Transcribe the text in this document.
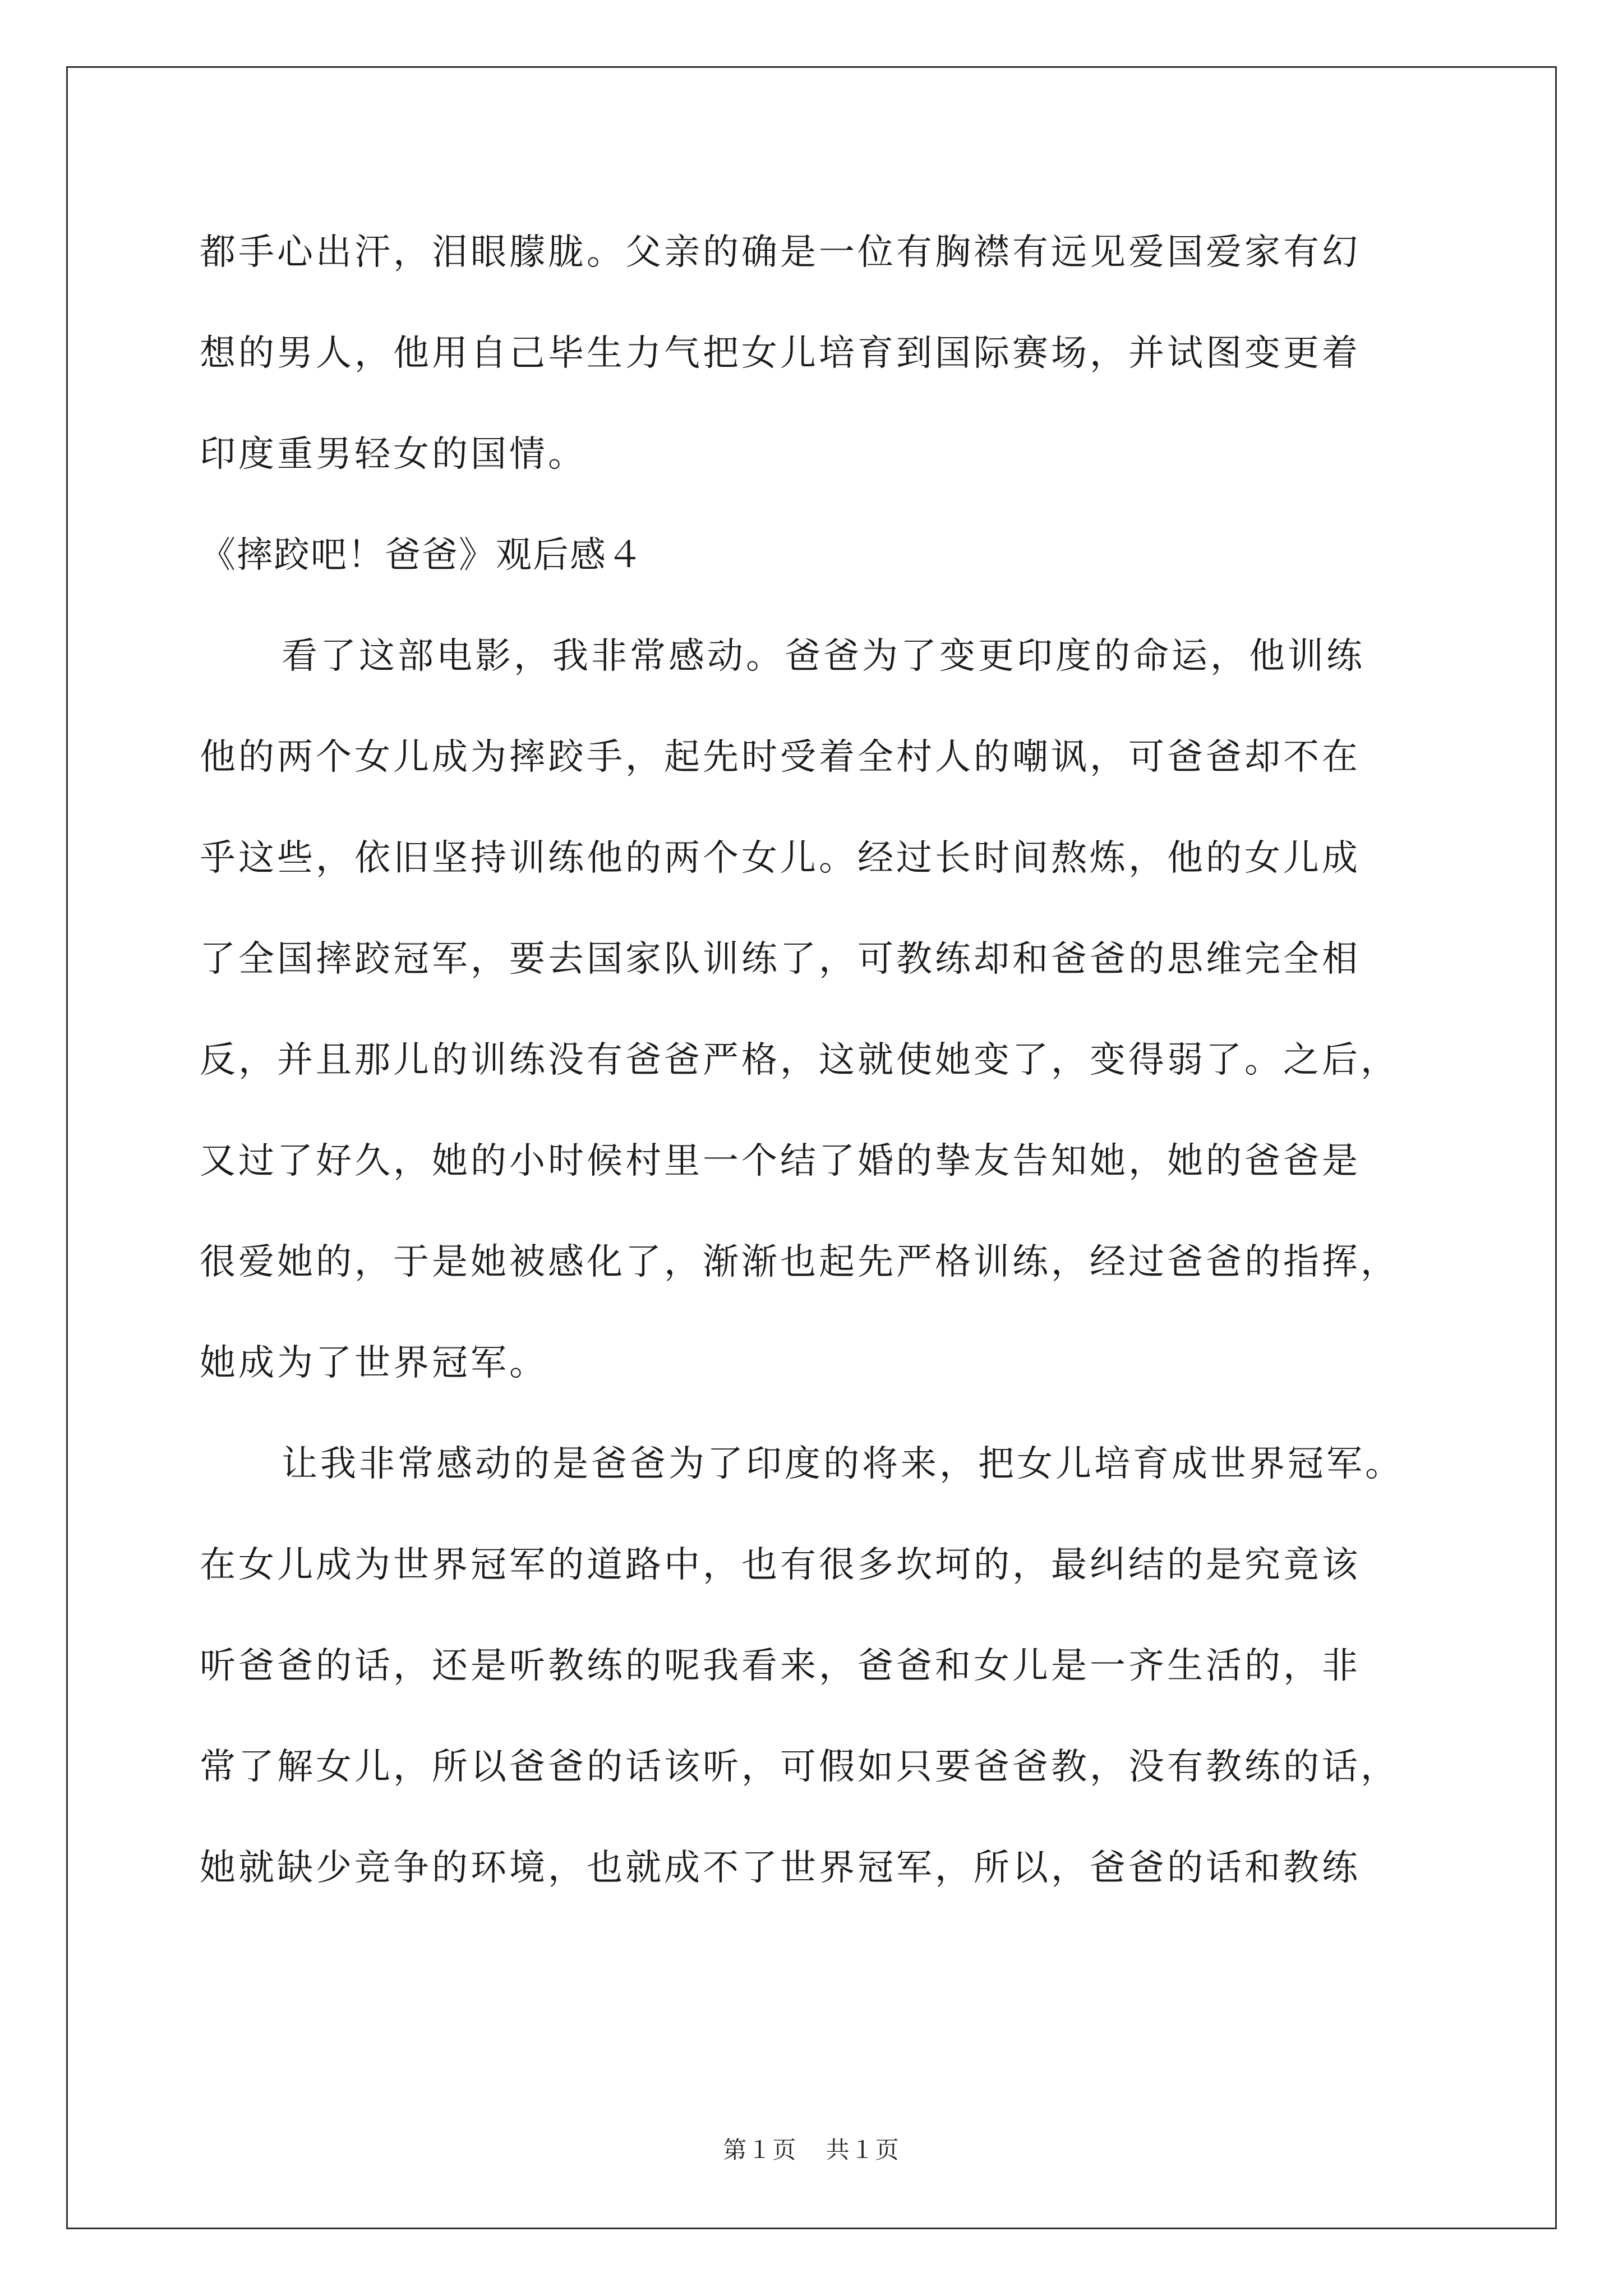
都手心出汗，泪眼朦胧。父亲的确是一位有胸襟有远见爱国爱家有幻
想的男人，他用自己毕生力气把女儿培育到国际赛场，并试图变更着
印度重男轻女的国情。
《摔跤吧！爸爸》观后感４
看了这部电影，我非常感动。爸爸为了变更印度的命运，他训练
他的两个女儿成为摔跤手，起先时受着全村人的嘲讽，可爸爸却不在
乎这些，依旧坚持训练他的两个女儿。经过长时间熬炼，他的女儿成
了全国摔跤冠军，要去国家队训练了，可教练却和爸爸的思维完全相
反，并且那儿的训练没有爸爸严格，这就使她变了，变得弱了。之后，
又过了好久，她的小时候村里一个结了婚的挚友告知她，她的爸爸是
很爱她的，于是她被感化了，渐渐也起先严格训练，经过爸爸的指挥，
她成为了世界冠军。
让我非常感动的是爸爸为了印度的将来，把女儿培育成世界冠军。
在女儿成为世界冠军的道路中，也有很多坎坷的，最纠结的是究竟该
听爸爸的话，还是听教练的呢我看来，爸爸和女儿是一齐生活的，非
常了解女儿，所以爸爸的话该听，可假如只要爸爸教，没有教练的话，
她就缺少竞争的环境，也就成不了世界冠军，所以，爸爸的话和教练
第１页 共１页
